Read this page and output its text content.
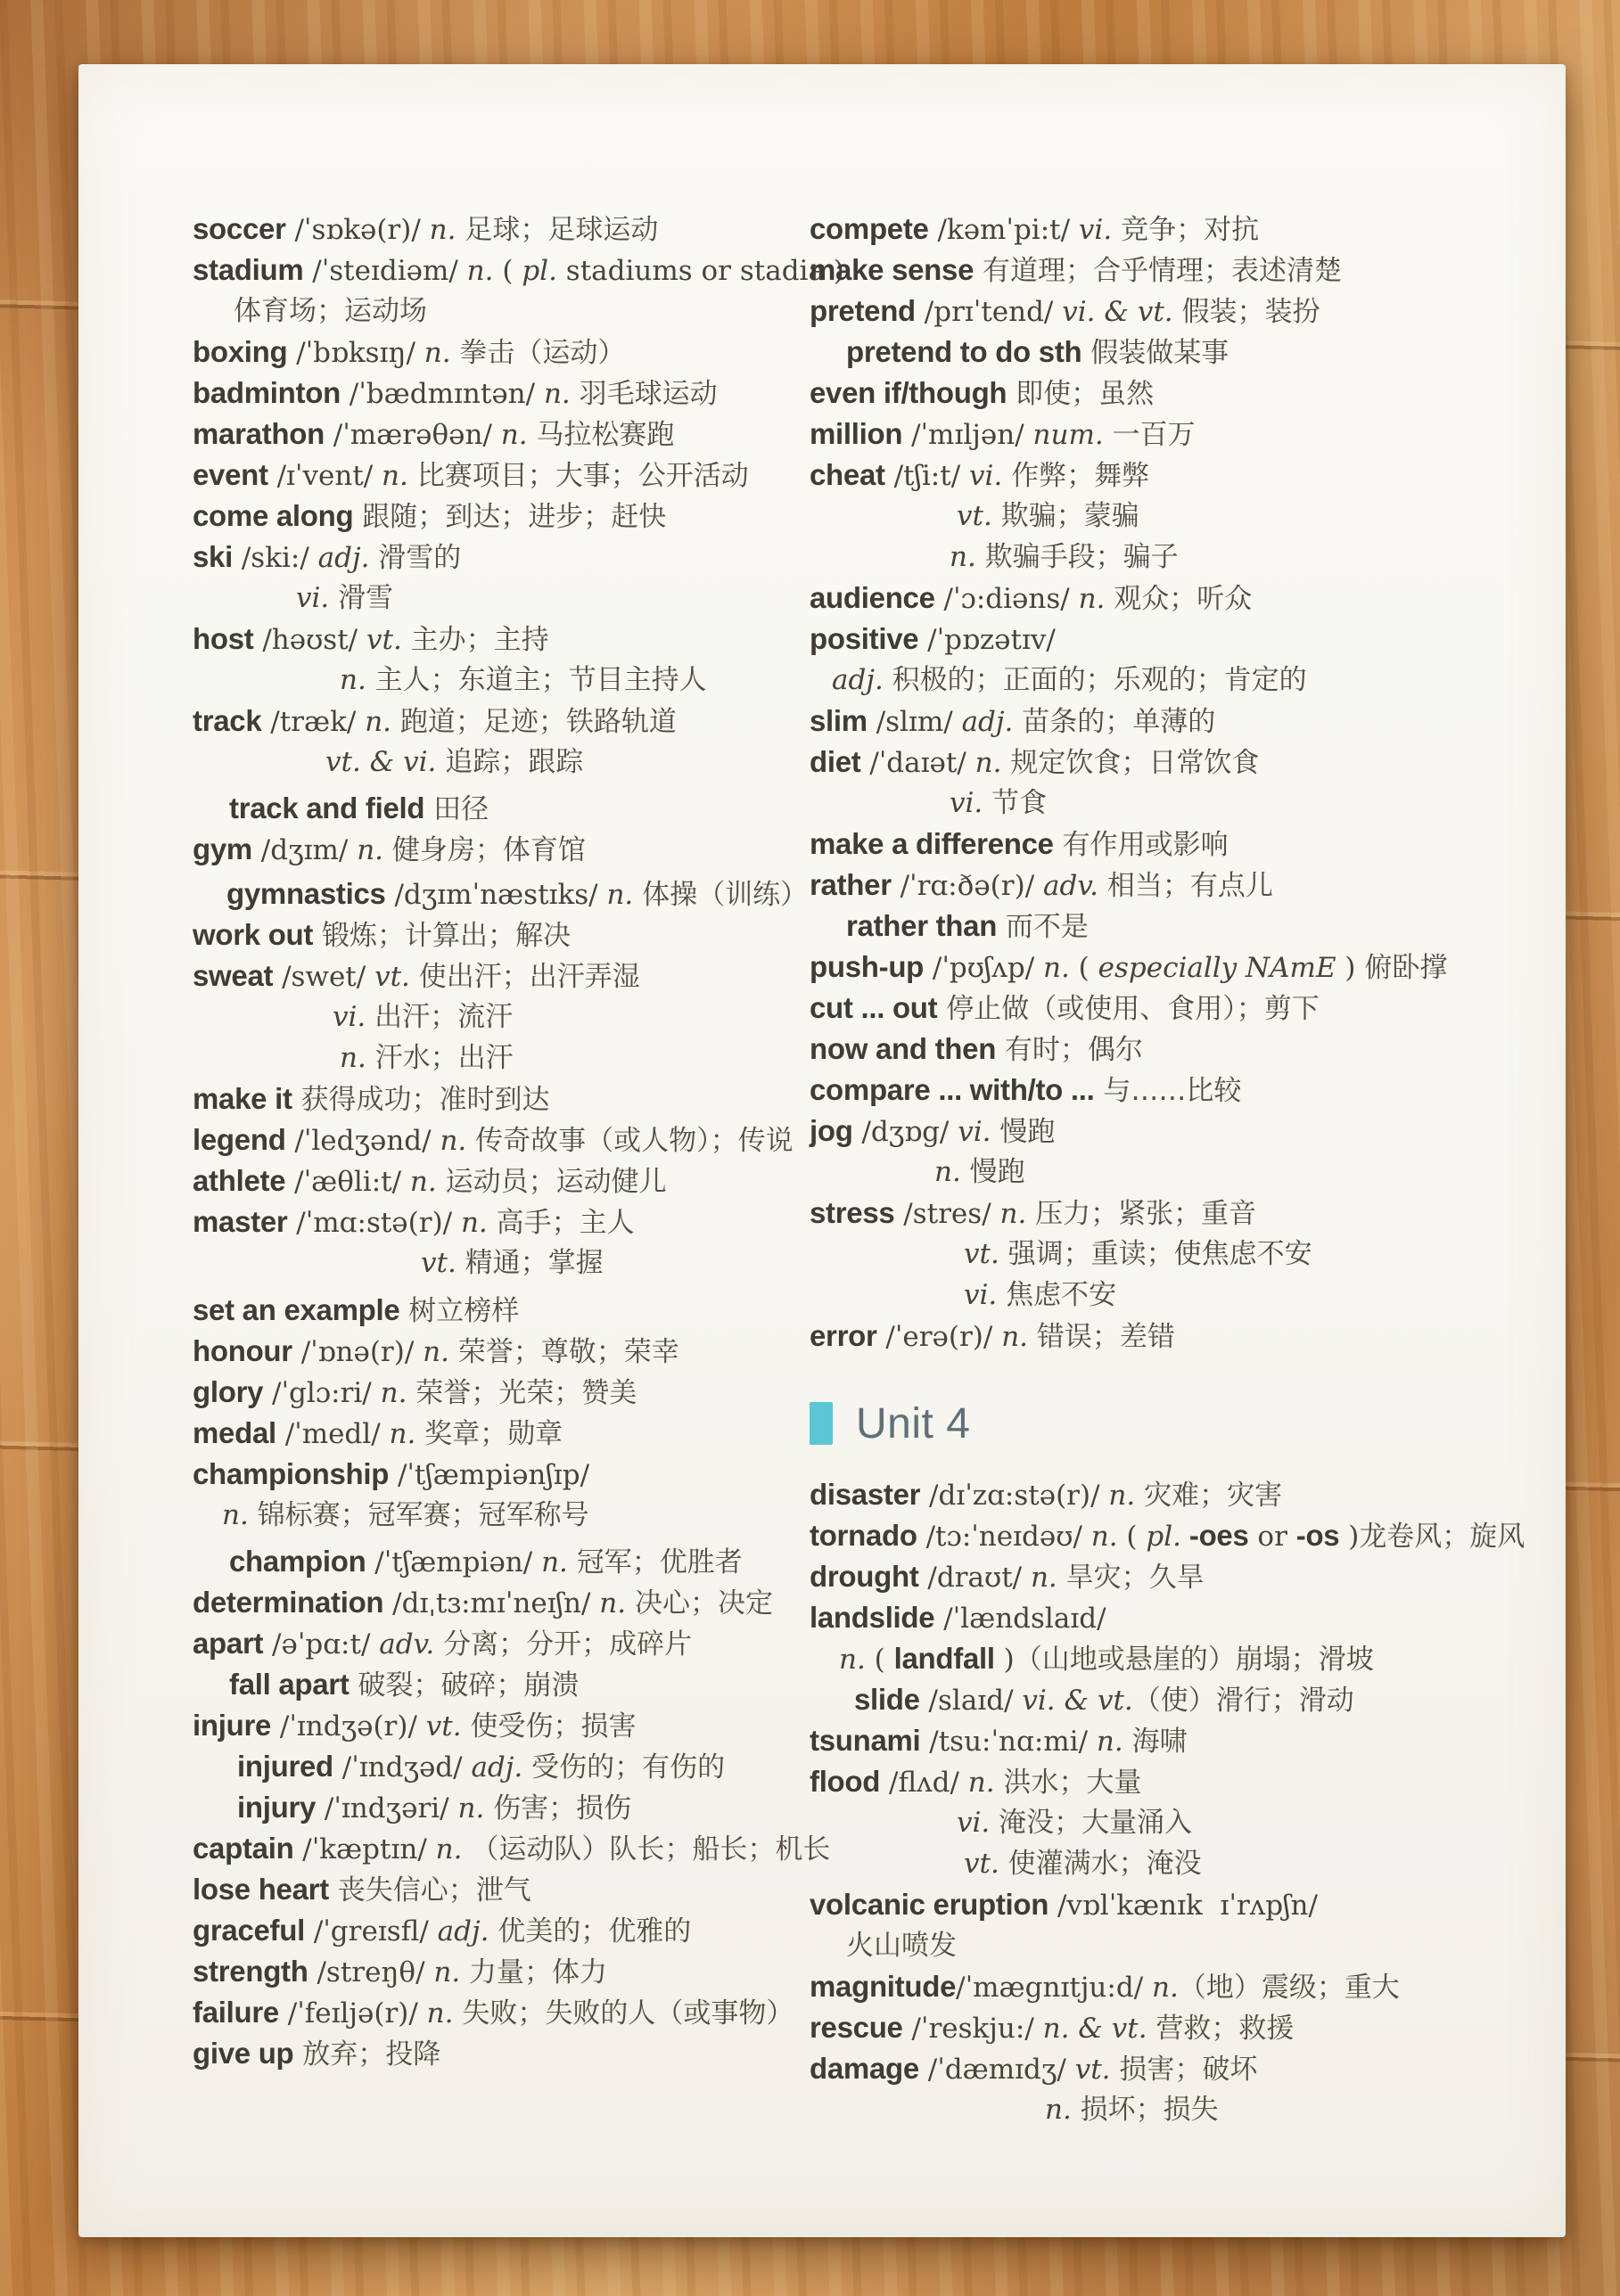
soccer /ˈsɒkə(r)/ n. 足球；足球运动
stadium /ˈsteɪdiəm/ n. ( pl. stadiums or stadia )
体育场；运动场
boxing /ˈbɒksɪŋ/ n. 拳击（运动）
badminton /ˈbædmɪntən/ n. 羽毛球运动
marathon /ˈmærəθən/ n. 马拉松赛跑
event /ɪˈvent/ n. 比赛项目；大事；公开活动
come along 跟随；到达；进步；赶快
ski /ski:/ adj. 滑雪的
vi. 滑雪
host /həʊst/ vt. 主办；主持
n. 主人；东道主；节目主持人
track /træk/ n. 跑道；足迹；铁路轨道
vt. & vi. 追踪；跟踪
track and field 田径
gym /dʒɪm/ n. 健身房；体育馆
gymnastics /dʒɪmˈnæstɪks/ n. 体操（训练）
work out 锻炼；计算出；解决
sweat /swet/ vt. 使出汗；出汗弄湿
vi. 出汗；流汗
n. 汗水；出汗
make it 获得成功；准时到达
legend /ˈledʒənd/ n. 传奇故事（或人物）；传说
athlete /ˈæθli:t/ n. 运动员；运动健儿
master /ˈmɑ:stə(r)/ n. 高手；主人
vt. 精通；掌握
set an example 树立榜样
honour /ˈɒnə(r)/ n. 荣誉；尊敬；荣幸
glory /ˈglɔ:ri/ n. 荣誉；光荣；赞美
medal /ˈmedl/ n. 奖章；勋章
championship /ˈtʃæmpiənʃɪp/
n. 锦标赛；冠军赛；冠军称号
champion /ˈtʃæmpiən/ n. 冠军；优胜者
determination /dɪˌtɜ:mɪˈneɪʃn/ n. 决心；决定
apart /əˈpɑ:t/ adv. 分离；分开；成碎片
fall apart 破裂；破碎；崩溃
injure /ˈɪndʒə(r)/ vt. 使受伤；损害
injured /ˈɪndʒəd/ adj. 受伤的；有伤的
injury /ˈɪndʒəri/ n. 伤害；损伤
captain /ˈkæptɪn/ n. （运动队）队长；船长；机长
lose heart 丧失信心；泄气
graceful /ˈgreɪsfl/ adj. 优美的；优雅的
strength /streŋθ/ n. 力量；体力
failure /ˈfeɪljə(r)/ n. 失败；失败的人（或事物）
give up 放弃；投降
compete /kəmˈpi:t/ vi. 竞争；对抗
make sense 有道理；合乎情理；表述清楚
pretend /prɪˈtend/ vi. & vt. 假装；装扮
pretend to do sth 假装做某事
even if/though 即使；虽然
million /ˈmɪljən/ num. 一百万
cheat /tʃi:t/ vi. 作弊；舞弊
vt. 欺骗；蒙骗
n. 欺骗手段；骗子
audience /ˈɔ:diəns/ n. 观众；听众
positive /ˈpɒzətɪv/
adj. 积极的；正面的；乐观的；肯定的
slim /slɪm/ adj. 苗条的；单薄的
diet /ˈdaɪət/ n. 规定饮食；日常饮食
vi. 节食
make a difference 有作用或影响
rather /ˈrɑ:ðə(r)/ adv. 相当；有点儿
rather than 而不是
push-up /ˈpʊʃʌp/ n. ( especially NAmE ) 俯卧撑
cut ... out 停止做（或使用、食用）；剪下
now and then 有时；偶尔
compare ... with/to ... 与……比较
jog /dʒɒg/ vi. 慢跑
n. 慢跑
stress /stres/ n. 压力；紧张；重音
vt. 强调；重读；使焦虑不安
vi. 焦虑不安
error /ˈerə(r)/ n. 错误；差错
Unit 4
disaster /dɪˈzɑ:stə(r)/ n. 灾难；灾害
tornado /tɔ:ˈneɪdəʊ/ n. ( pl. -oes or -os )龙卷风；旋风
drought /draʊt/ n. 旱灾；久旱
landslide /ˈlændslaɪd/
n. ( landfall )（山地或悬崖的）崩塌；滑坡
slide /slaɪd/ vi. & vt.（使）滑行；滑动
tsunami /tsu:ˈnɑ:mi/ n. 海啸
flood /flʌd/ n. 洪水；大量
vi. 淹没；大量涌入
vt. 使灌满水；淹没
volcanic eruption /vɒlˈkænɪk  ɪˈrʌpʃn/
火山喷发
magnitude/ˈmægnɪtju:d/ n.（地）震级；重大
rescue /ˈreskju:/ n. & vt. 营救；救援
damage /ˈdæmɪdʒ/ vt. 损害；破坏
n. 损坏；损失
